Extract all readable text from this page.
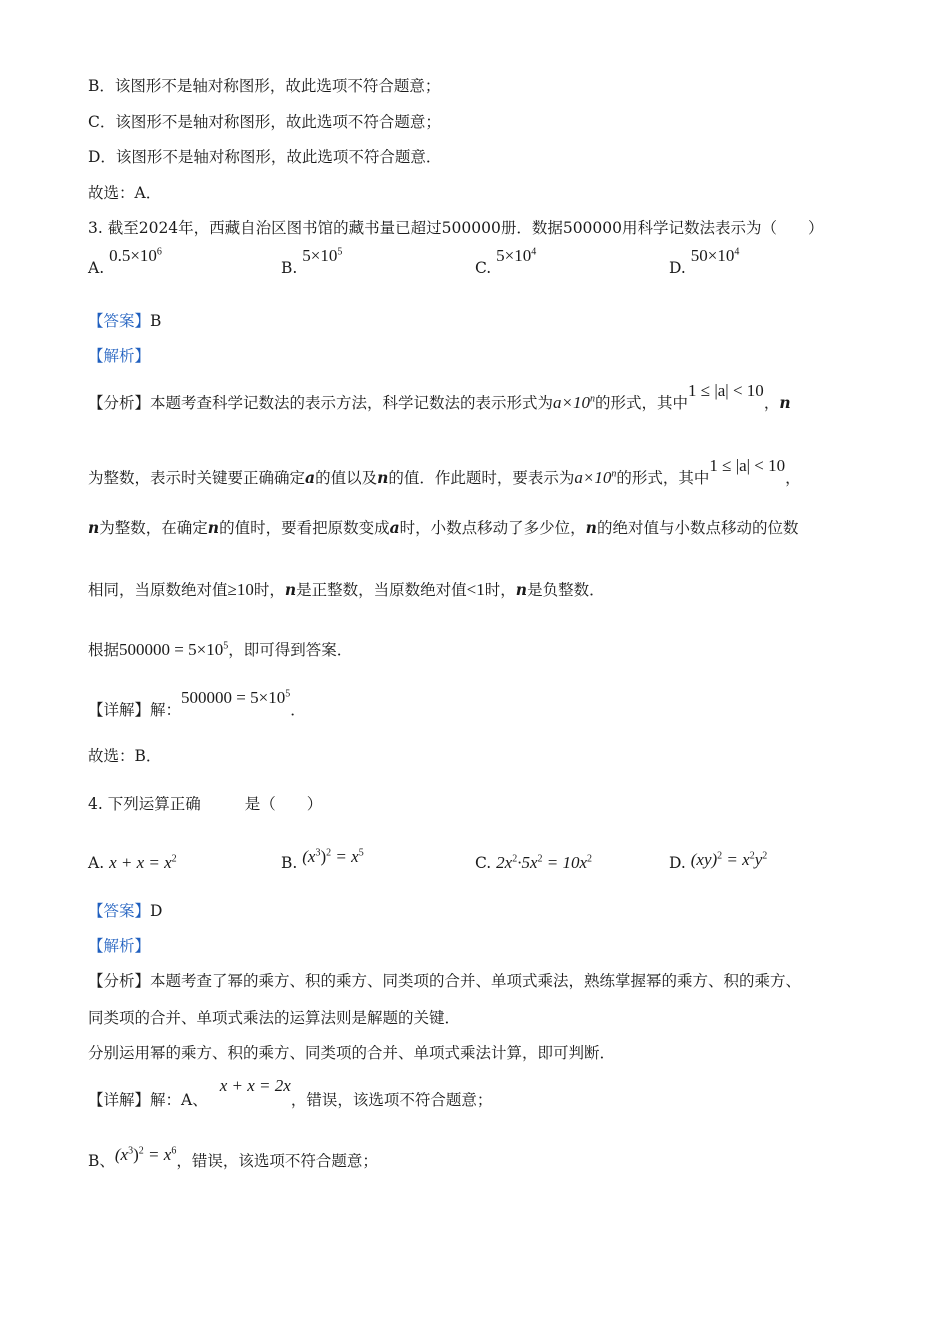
B．该图形不是轴对称图形，故此选项不符合题意；
C．该图形不是轴对称图形，故此选项不符合题意；
D．该图形不是轴对称图形，故此选项不符合题意．
故选：A．
3. 截至2024年，西藏自治区图书馆的藏书量已超过500000册．数据500000用科学记数法表示为（　　）
A. $0.5\times 10^6$
B. $5\times 10^5$
C. $5\times 10^4$
D. $50\times 10^4$
【答案】B
【解析】
【分析】本题考查科学记数法的表示方法，科学记数法的表示形式为$a\times 10^n$的形式，其中1 ≤ |a| < 10，n
为整数，表示时关键要正确确定a的值以及n的值．作此题时，要表示为$a\times 10^n$的形式，其中1 ≤ |a| < 10，
n为整数，在确定n的值时，要看把原数变成a时，小数点移动了多少位，n的绝对值与小数点移动的位数
相同，当原数绝对值≥10时，n是正整数，当原数绝对值<1时，n是负整数．
根据$500000 = 5\times 10^5$，即可得到答案．
【详解】解：$500000 = 5\times 10^5$．
故选：B．
4. 下列运算正确	是（　　）
A. $x + x = x^2$	B. $(x^3)^2 = x^5$
C. $2x^2\cdot 5x^2 = 10x^2$	D. $(xy)^2 = x^2y^2$
【答案】D
【解析】
【分析】本题考查了幂的乘方、积的乘方、同类项的合并、单项式乘法，熟练掌握幂的乘方、积的乘方、
同类项的合并、单项式乘法的运算法则是解题的关键．
分别运用幂的乘方、积的乘方、同类项的合并、单项式乘法计算，即可判断．
【详解】解：A、x + x = 2x，错误，该选项不符合题意；
B、$(x^3)^2 = x^6$，错误，该选项不符合题意；
